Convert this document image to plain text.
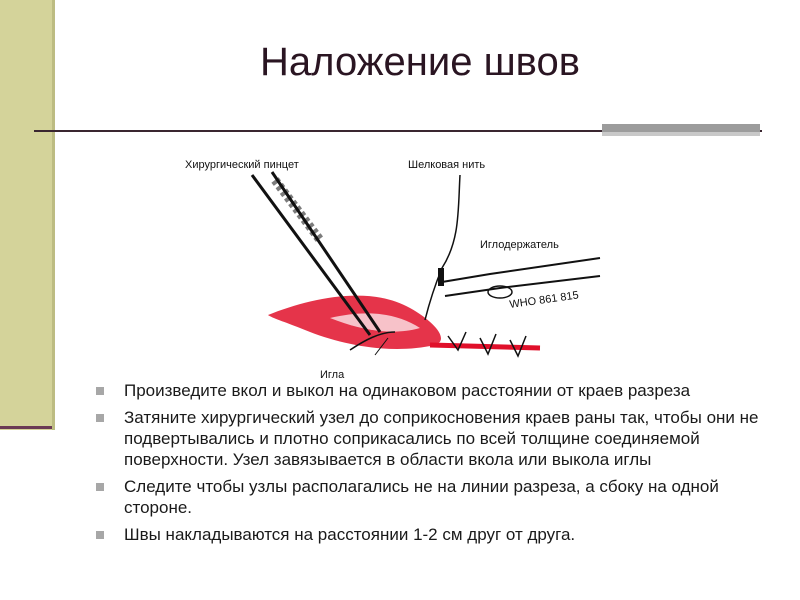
Наложение швов
Хирургический пинцет	Шелковая нить
Иглодержатель
Игла
WHO 861 815
Произведите вкол и выкол на одинаковом расстоянии от краев разреза
Затяните хирургический узел до соприкосновения краев раны так, чтобы они не подвертывались и плотно соприкасались по всей толщине соединяемой поверхности. Узел завязывается в области вкола или выкола иглы
Следите чтобы узлы располагались не на линии разреза, а сбоку на одной стороне.
Швы накладываются на расстоянии 1-2 см друг от друга.
